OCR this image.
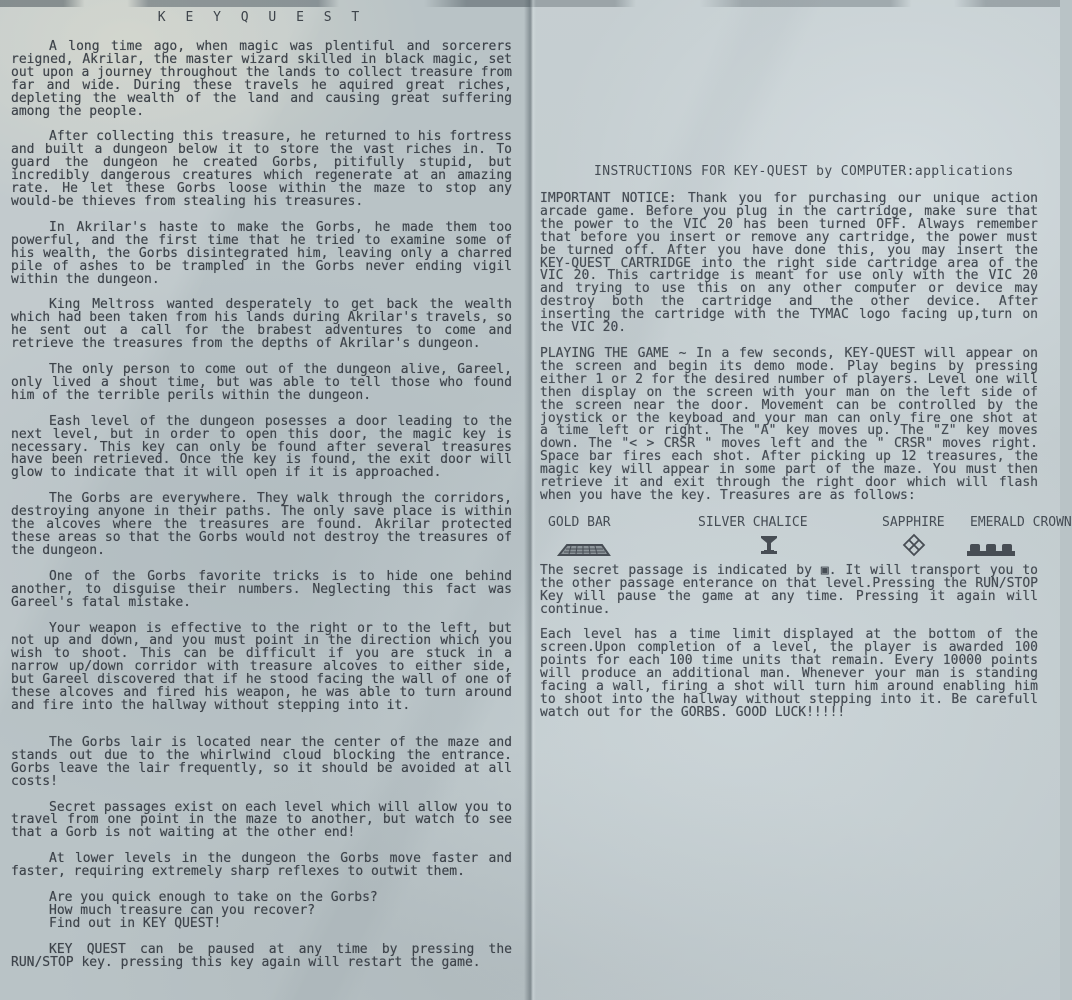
K E Y Q U E S T

A long time ago, when magic was plentiful and sorcerers reigned, Akrilar, the master wizard skilled in black magic, set out upon a journey throughout the lands to collect treasure from far and wide. During these travels he aquired great riches, depleting the wealth of the land and causing great suffering among the people.

After collecting this treasure, he returned to his fortress and built a dungeon below it to store the vast riches in. To guard the dungeon he created Gorbs, pitifully stupid, but incredibly dangerous creatures which regenerate at an amazing rate. He let these Gorbs loose within the maze to stop any would-be thieves from stealing his treasures.

In Akrilar's haste to make the Gorbs, he made them too powerful, and the first time that he tried to examine some of his wealth, the Gorbs disintegrated him, leaving only a charred pile of ashes to be trampled in the Gorbs never ending vigil within the dungeon.

King Meltross wanted desperately to get back the wealth which had been taken from his lands during Akrilar's travels, so he sent out a call for the brabest adventures to come and retrieve the treasures from the depths of Akrilar's dungeon.

The only person to come out of the dungeon alive, Gareel, only lived a shout time, but was able to tell those who found him of the terrible perils within the dungeon.

Eash level of the dungeon posesses a door leading to the next level, but in order to open this door, the magic key is necessary. This key can only be found after several treasures have been retrieved. Once the key is found, the exit door will glow to indicate that it will open if it is approached.

The Gorbs are everywhere. They walk through the corridors, destroying anyone in their paths. The only save place is within the alcoves where the treasures are found. Akrilar protected these areas so that the Gorbs would not destroy the treasures of the dungeon.

One of the Gorbs favorite tricks is to hide one behind another, to disguise their numbers. Neglecting this fact was Gareel's fatal mistake.

Your weapon is effective to the right or to the left, but not up and down, and you must point in the direction which you wish to shoot. This can be difficult if you are stuck in a narrow up/down corridor with treasure alcoves to either side, but Gareel discovered that if he stood facing the wall of one of these alcoves and fired his weapon, he was able to turn around and fire into the hallway without stepping into it.

The Gorbs lair is located near the center of the maze and stands out due to the whirlwind cloud blocking the entrance. Gorbs leave the lair frequently, so it should be avoided at all costs!

Secret passages exist on each level which will allow you to travel from one point in the maze to another, but watch to see that a Gorb is not waiting at the other end!

At lower levels in the dungeon the Gorbs move faster and faster, requiring extremely sharp reflexes to outwit them.

Are you quick enough to take on the Gorbs?
How much treasure can you recover?
Find out in KEY QUEST!

KEY QUEST can be paused at any time by pressing the RUN/STOP key. pressing this key again will restart the game.

INSTRUCTIONS FOR KEY-QUEST by COMPUTER:applications

IMPORTANT NOTICE: Thank you for purchasing our unique action arcade game. Before you plug in the cartridge, make sure that the power to the VIC 20 has been turned OFF. Always remember that before you insert or remove any cartridge, the power must be turned off. After you have done this, you may insert the KEY-QUEST CARTRIDGE into the right side cartridge area of the VIC 20. This cartridge is meant for use only with the VIC 20 and trying to use this on any other computer or device may destroy both the cartridge and the other device. After inserting the cartridge with the TYMAC logo facing up,turn on the VIC 20.

PLAYING THE GAME ~ In a few seconds, KEY-QUEST will appear on the screen and begin its demo mode. Play begins by pressing either 1 or 2 for the desired number of players. Level one will then display on the screen with your man on the left side of the screen near the door. Movement can be controlled by the joystick or the keyboad and your man can only fire one shot at a time left or right. The "A" key moves up. The "Z" key moves down. The "< > CRSR " moves left and the " CRSR" moves right. Space bar fires each shot. After picking up 12 treasures, the magic key will appear in some part of the maze. You must then retrieve it and exit through the right door which will flash when you have the key. Treasures are as follows:

GOLD BAR	SILVER CHALICE	SAPPHIRE	EMERALD CROWN

The secret passage is indicated by ▣. It will transport you to the other passage enterance on that level.Pressing the RUN/STOP Key will pause the game at any time. Pressing it again will continue.

Each level has a time limit displayed at the bottom of the screen.Upon completion of a level, the player is awarded 100 points for each 100 time units that remain. Every 10000 points will produce an additional man. Whenever your man is standing facing a wall, firing a shot will turn him around enabling him to shoot into the hallway without stepping into it. Be carefull watch out for the GORBS. GOOD LUCK!!!!!
